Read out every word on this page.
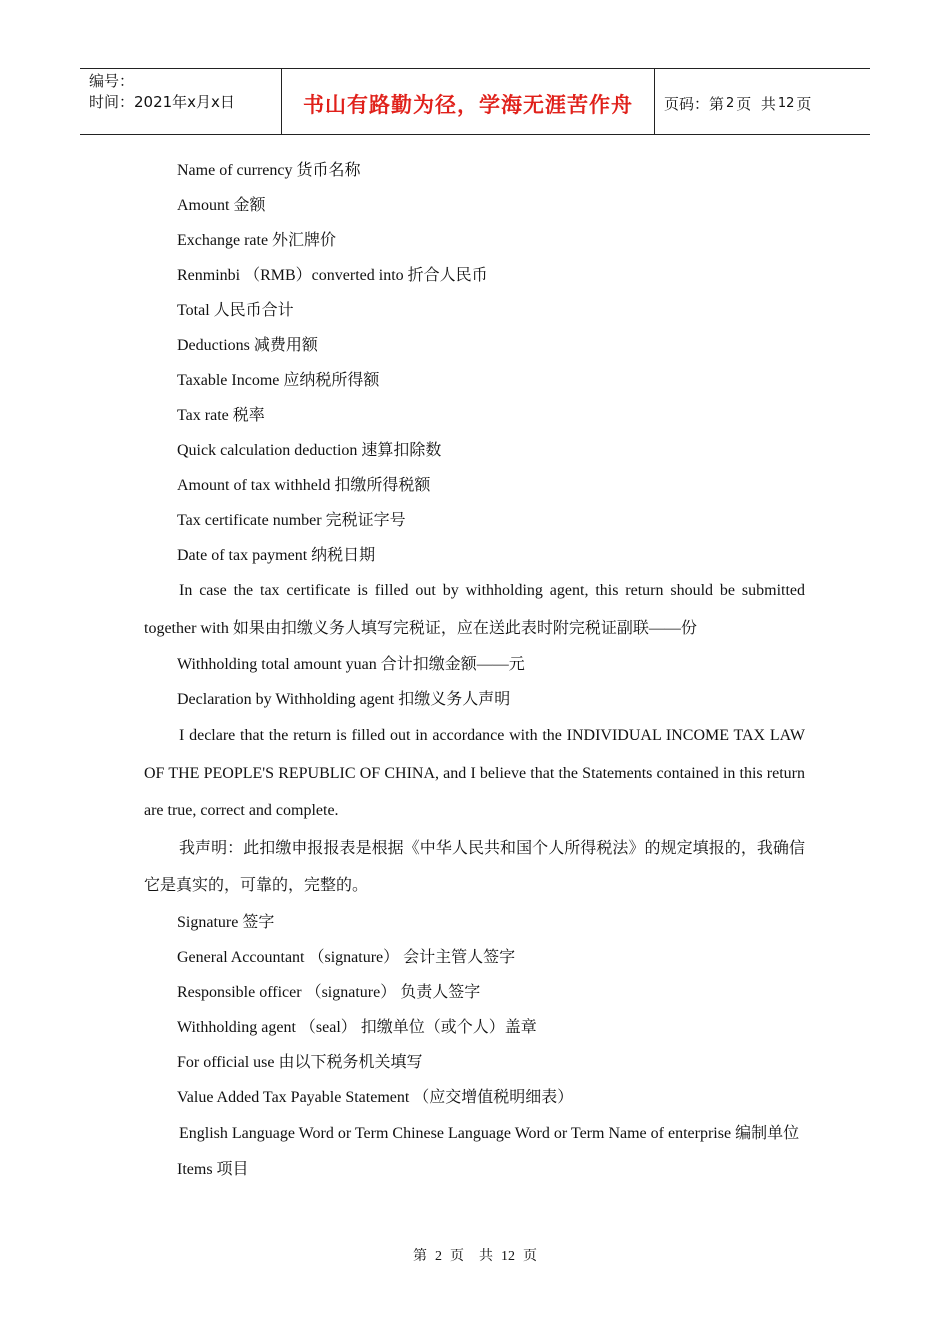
编号：
时间：2021年x月x日	书山有路勤为径，学海无涯苦作舟 页码：第 2 页  共 12 页
Name of currency 货币名称
Amount 金额
Exchange rate 外汇牌价
Renminbi （RMB）converted into 折合人民币
Total 人民币合计
Deductions 减费用额
Taxable Income 应纳税所得额
Tax rate 税率
Quick calculation deduction 速算扣除数
Amount of tax withheld 扣缴所得税额
Tax certificate number 完税证字号
Date of tax payment 纳税日期
In case the tax certificate is filled out by withholding agent, this return should be submitted together with 如果由扣缴义务人填写完税证，应在送此表时附完税证副联——份
Withholding total amount yuan 合计扣缴金额——元
Declaration by Withholding agent 扣缴义务人声明
I declare that the return is filled out in accordance with the INDIVIDUAL INCOME TAX LAW OF THE PEOPLE'S REPUBLIC OF CHINA, and I believe that the Statements contained in this return are true, correct and complete.
我声明：此扣缴申报报表是根据《中华人民共和国个人所得税法》的规定填报的，我确信它是真实的，可靠的，完整的。
Signature 签字
General Accountant （signature） 会计主管人签字
Responsible officer （signature） 负责人签字
Withholding agent （seal） 扣缴单位（或个人）盖章
For official use 由以下税务机关填写
Value Added Tax Payable Statement （应交增值税明细表）
English Language Word or Term Chinese Language Word or Term Name of enterprise 编制单位
Items 项目
第 2 页  共 12 页
